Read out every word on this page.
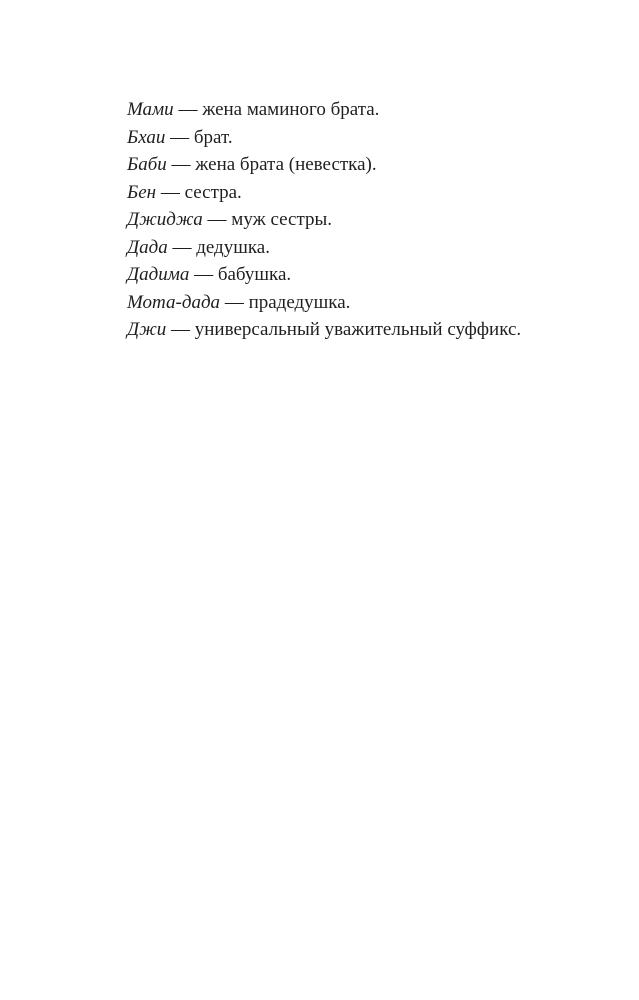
Мами — жена маминого брата.
Бхаи — брат.
Баби — жена брата (невестка).
Бен — сестра.
Джиджа — муж сестры.
Дада — дедушка.
Дадима — бабушка.
Мота-дада — прадедушка.
Джи — универсальный уважительный суффикс.
